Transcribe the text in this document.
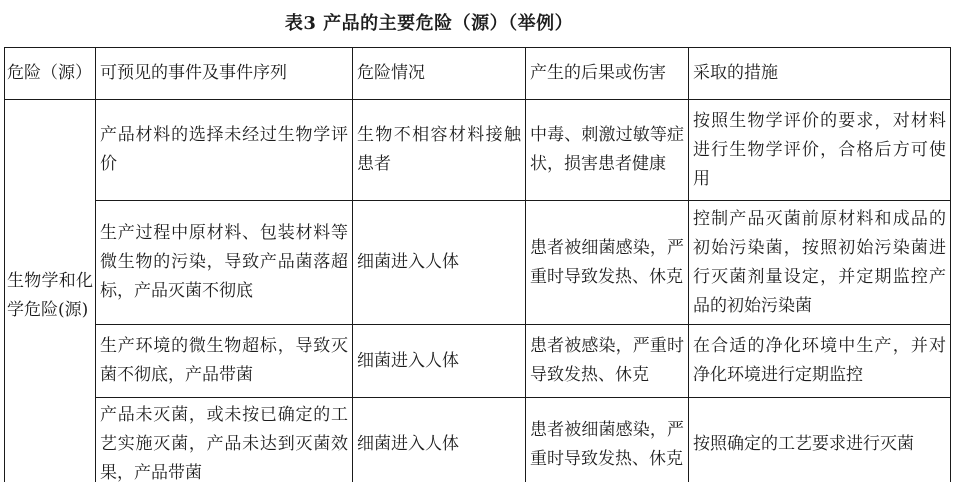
表3 产品的主要危险（源）（举例）
危险（源）	可预见的事件及事件序列	危险情况	产生的后果或伤害	采取的措施
生物学和化学危险(源)	产品材料的选择未经过生物学评价	生物不相容材料接触患者	中毒、刺激过敏等症状，损害患者健康	按照生物学评价的要求，对材料进行生物学评价，合格后方可使用
	生产过程中原材料、包装材料等微生物的污染，导致产品菌落超标，产品灭菌不彻底	细菌进入人体	患者被细菌感染，严重时导致发热、休克	控制产品灭菌前原材料和成品的初始污染菌，按照初始污染菌进行灭菌剂量设定，并定期监控产品的初始污染菌
	生产环境的微生物超标，导致灭菌不彻底，产品带菌	细菌进入人体	患者被感染，严重时导致发热、休克	在合适的净化环境中生产，并对净化环境进行定期监控
	产品未灭菌，或未按已确定的工艺实施灭菌，产品未达到灭菌效果，产品带菌	细菌进入人体	患者被细菌感染，严重时导致发热、休克	按照确定的工艺要求进行灭菌
